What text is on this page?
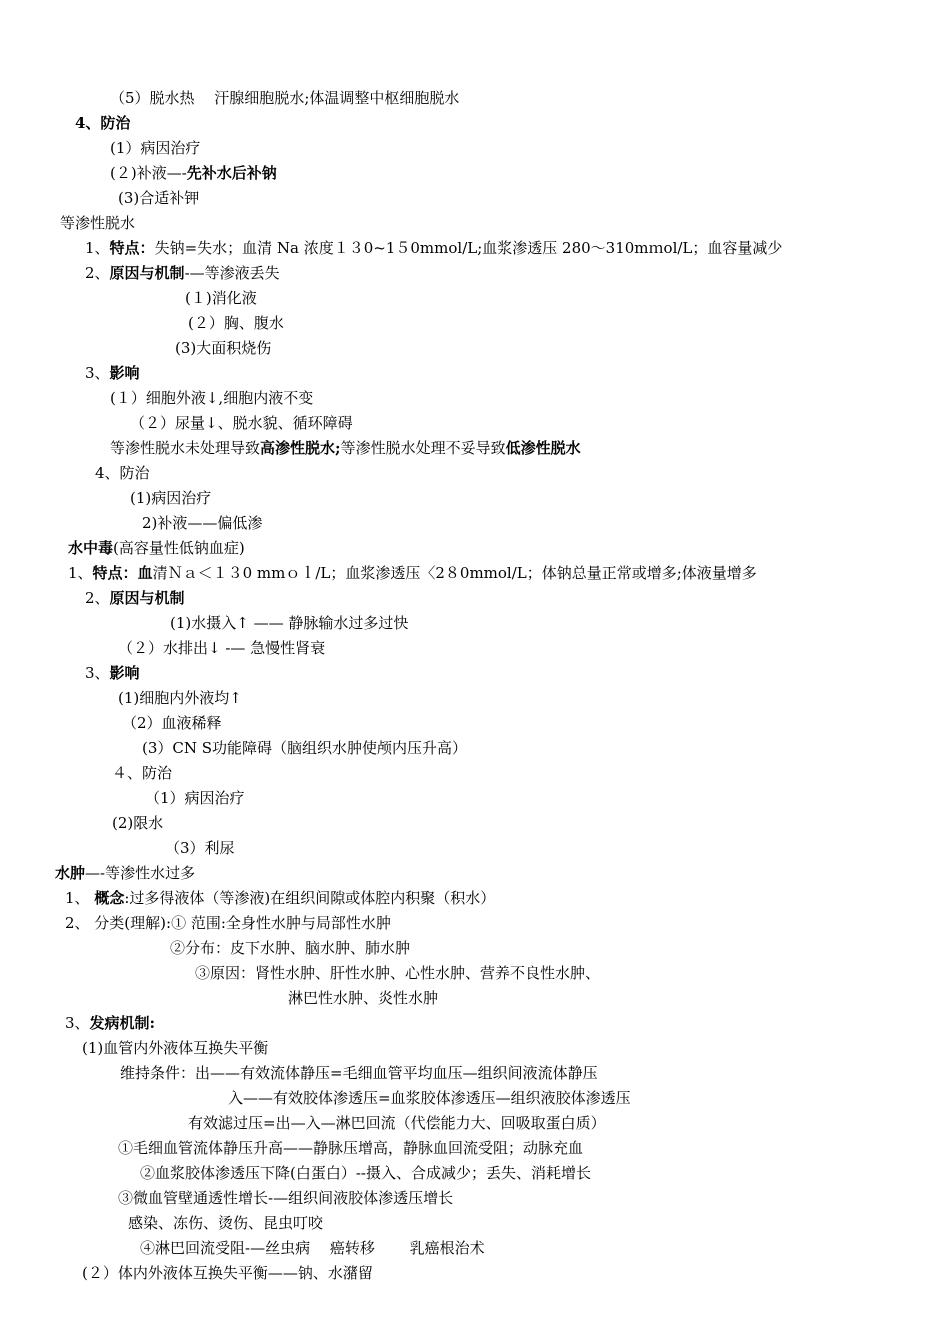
（5）脱水热　 汗腺细胞脱水;体温调整中枢细胞脱水
4、防治
(1）病因治疗
(２)补液—-先补水后补钠
(3)合适补钾
等渗性脱水
1、特点：失钠=失水；血清 Na 浓度１３0~1５0mmol/L;血浆渗透压 280～310mｍol/L；血容量减少
2、原因与机制-—等渗液丢失
(１)消化液
(２）胸、腹水
(3)大面积烧伤
3、影响
(１）细胞外液↓,细胞内液不变
（２）尿量↓、脱水貌、循环障碍
等渗性脱水未处理导致高渗性脱水;等渗性脱水处理不妥导致低渗性脱水
4、防治
(1)病因治疗
2)补液——偏低渗
水中毒(高容量性低钠血症)
1、特点：血清Ｎａ＜１３0 mmｏｌ/L；血浆渗透压〈2８0mmol/L；体钠总量正常或增多;体液量增多
2、原因与机制
(1)水摄入↑ —— 静脉输水过多过快
（２）水排出↓ -— 急慢性肾衰
3、影响
(1)细胞内外液均↑
（2）血液稀释
(3）CN S功能障碍（脑组织水肿使颅内压升高）
４、防治
（1）病因治疗
(2)限水
（3）利尿
水肿—-等渗性水过多
1、 概念:过多得液体（等渗液)在组织间隙或体腔内积聚（积水）
2、 分类(理解):① 范围:全身性水肿与局部性水肿
②分布：皮下水肿、脑水肿、肺水肿
③原因：肾性水肿、肝性水肿、心性水肿、营养不良性水肿、
淋巴性水肿、炎性水肿
3、发病机制:
(1)血管内外液体互换失平衡
维持条件：出——有效流体静压=毛细血管平均血压—组织间液流体静压
入——有效胶体渗透压=血浆胶体渗透压—组织液胶体渗透压
有效滤过压=出—入—淋巴回流（代偿能力大、回吸取蛋白质）
①毛细血管流体静压升高——静脉压增高，静脉血回流受阻；动脉充血
②血浆胶体渗透压下降(白蛋白）--摄入、合成减少；丢失、消耗增长
③微血管壁通透性增长-—组织间液胶体渗透压增长
感染、冻伤、烫伤、昆虫叮咬
④淋巴回流受阻-—丝虫病　 癌转移　　 乳癌根治术
(２）体内外液体互换失平衡——钠、水潴留
